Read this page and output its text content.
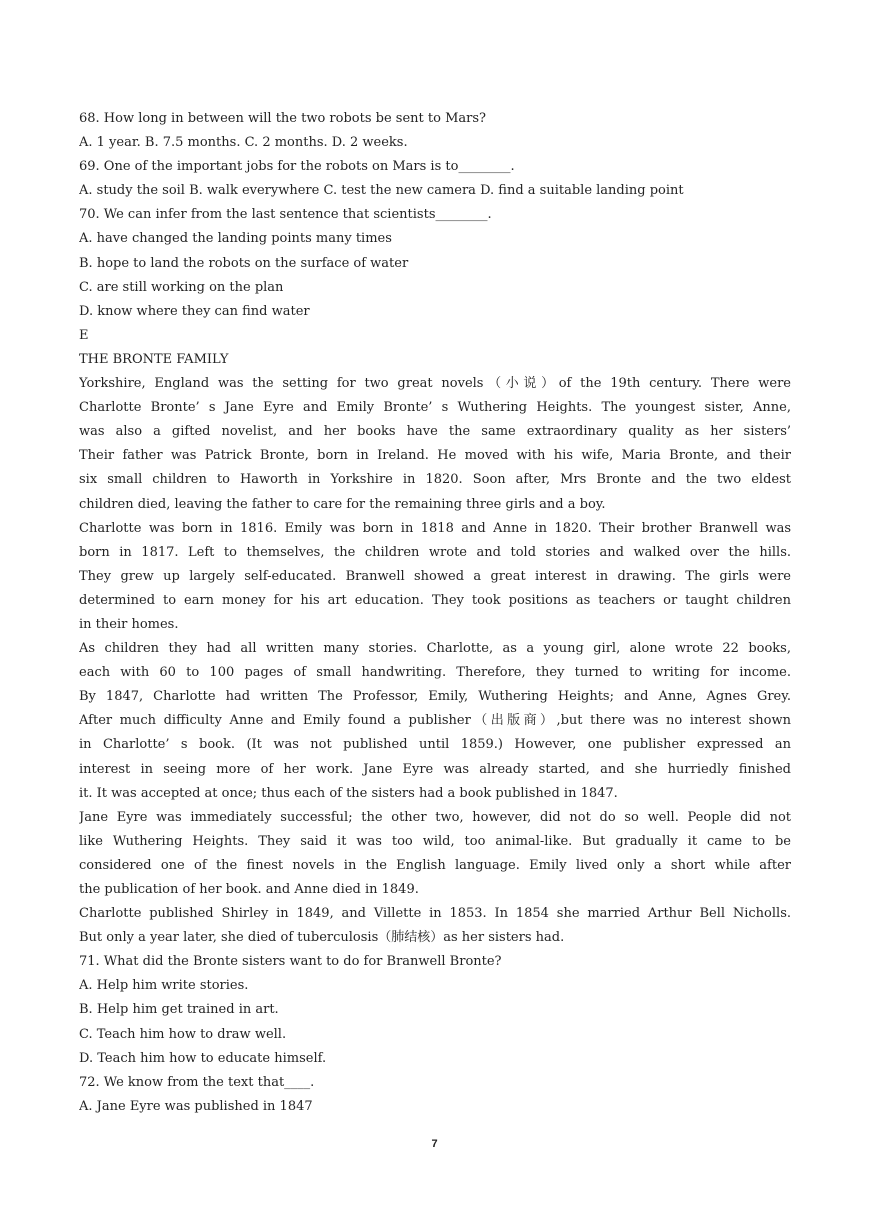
68. How long in between will the two robots be sent to Mars?
A. 1 year. B. 7.5 months. C. 2 months. D. 2 weeks.
69. One of the important jobs for the robots on Mars is to________.
A. study the soil B. walk everywhere C. test the new camera D. find a suitable landing point
70. We can infer from the last sentence that scientists________.
A. have changed the landing points many times
B. hope to land the robots on the surface of water
C. are still working on the plan
D. know where they can find water
E
THE BRONTE FAMILY
Yorkshire, England was the setting for two great novels（小说）of the 19th century. There were
Charlotte Bronte’ s Jane Eyre and Emily Bronte’ s Wuthering Heights. The youngest sister, Anne,
was also a gifted novelist, and her books have the same extraordinary quality as her sisters’
Their father was Patrick Bronte, born in Ireland. He moved with his wife, Maria Bronte, and their
six small children to Haworth in Yorkshire in 1820. Soon after, Mrs Bronte and the two eldest
children died, leaving the father to care for the remaining three girls and a boy.
Charlotte was born in 1816. Emily was born in 1818 and Anne in 1820. Their brother Branwell was
born in 1817. Left to themselves, the children wrote and told stories and walked over the hills.
They grew up largely self-educated. Branwell showed a great interest in drawing. The girls were
determined to earn money for his art education. They took positions as teachers or taught children
in their homes.
As children they had all written many stories. Charlotte, as a young girl, alone wrote 22 books,
each with 60 to 100 pages of small handwriting. Therefore, they turned to writing for income.
By 1847, Charlotte had written The Professor, Emily, Wuthering Heights; and Anne, Agnes Grey.
After much difficulty Anne and Emily found a publisher（出版商）,but there was no interest shown
in Charlotte’ s book. (It was not published until 1859.) However, one publisher expressed an
interest in seeing more of her work. Jane Eyre was already started, and she hurriedly finished
it. It was accepted at once; thus each of the sisters had a book published in 1847.
Jane Eyre was immediately successful; the other two, however, did not do so well. People did not
like Wuthering Heights. They said it was too wild, too animal-like. But gradually it came to be
considered one of the finest novels in the English language. Emily lived only a short while after
the publication of her book. and Anne died in 1849.
Charlotte published Shirley in 1849, and Villette in 1853. In 1854 she married Arthur Bell Nicholls.
But only a year later, she died of tuberculosis（肺结核）as her sisters had.
71. What did the Bronte sisters want to do for Branwell Bronte?
A. Help him write stories.
B. Help him get trained in art.
C. Teach him how to draw well.
D. Teach him how to educate himself.
72. We know from the text that____.
A. Jane Eyre was published in 1847
7
